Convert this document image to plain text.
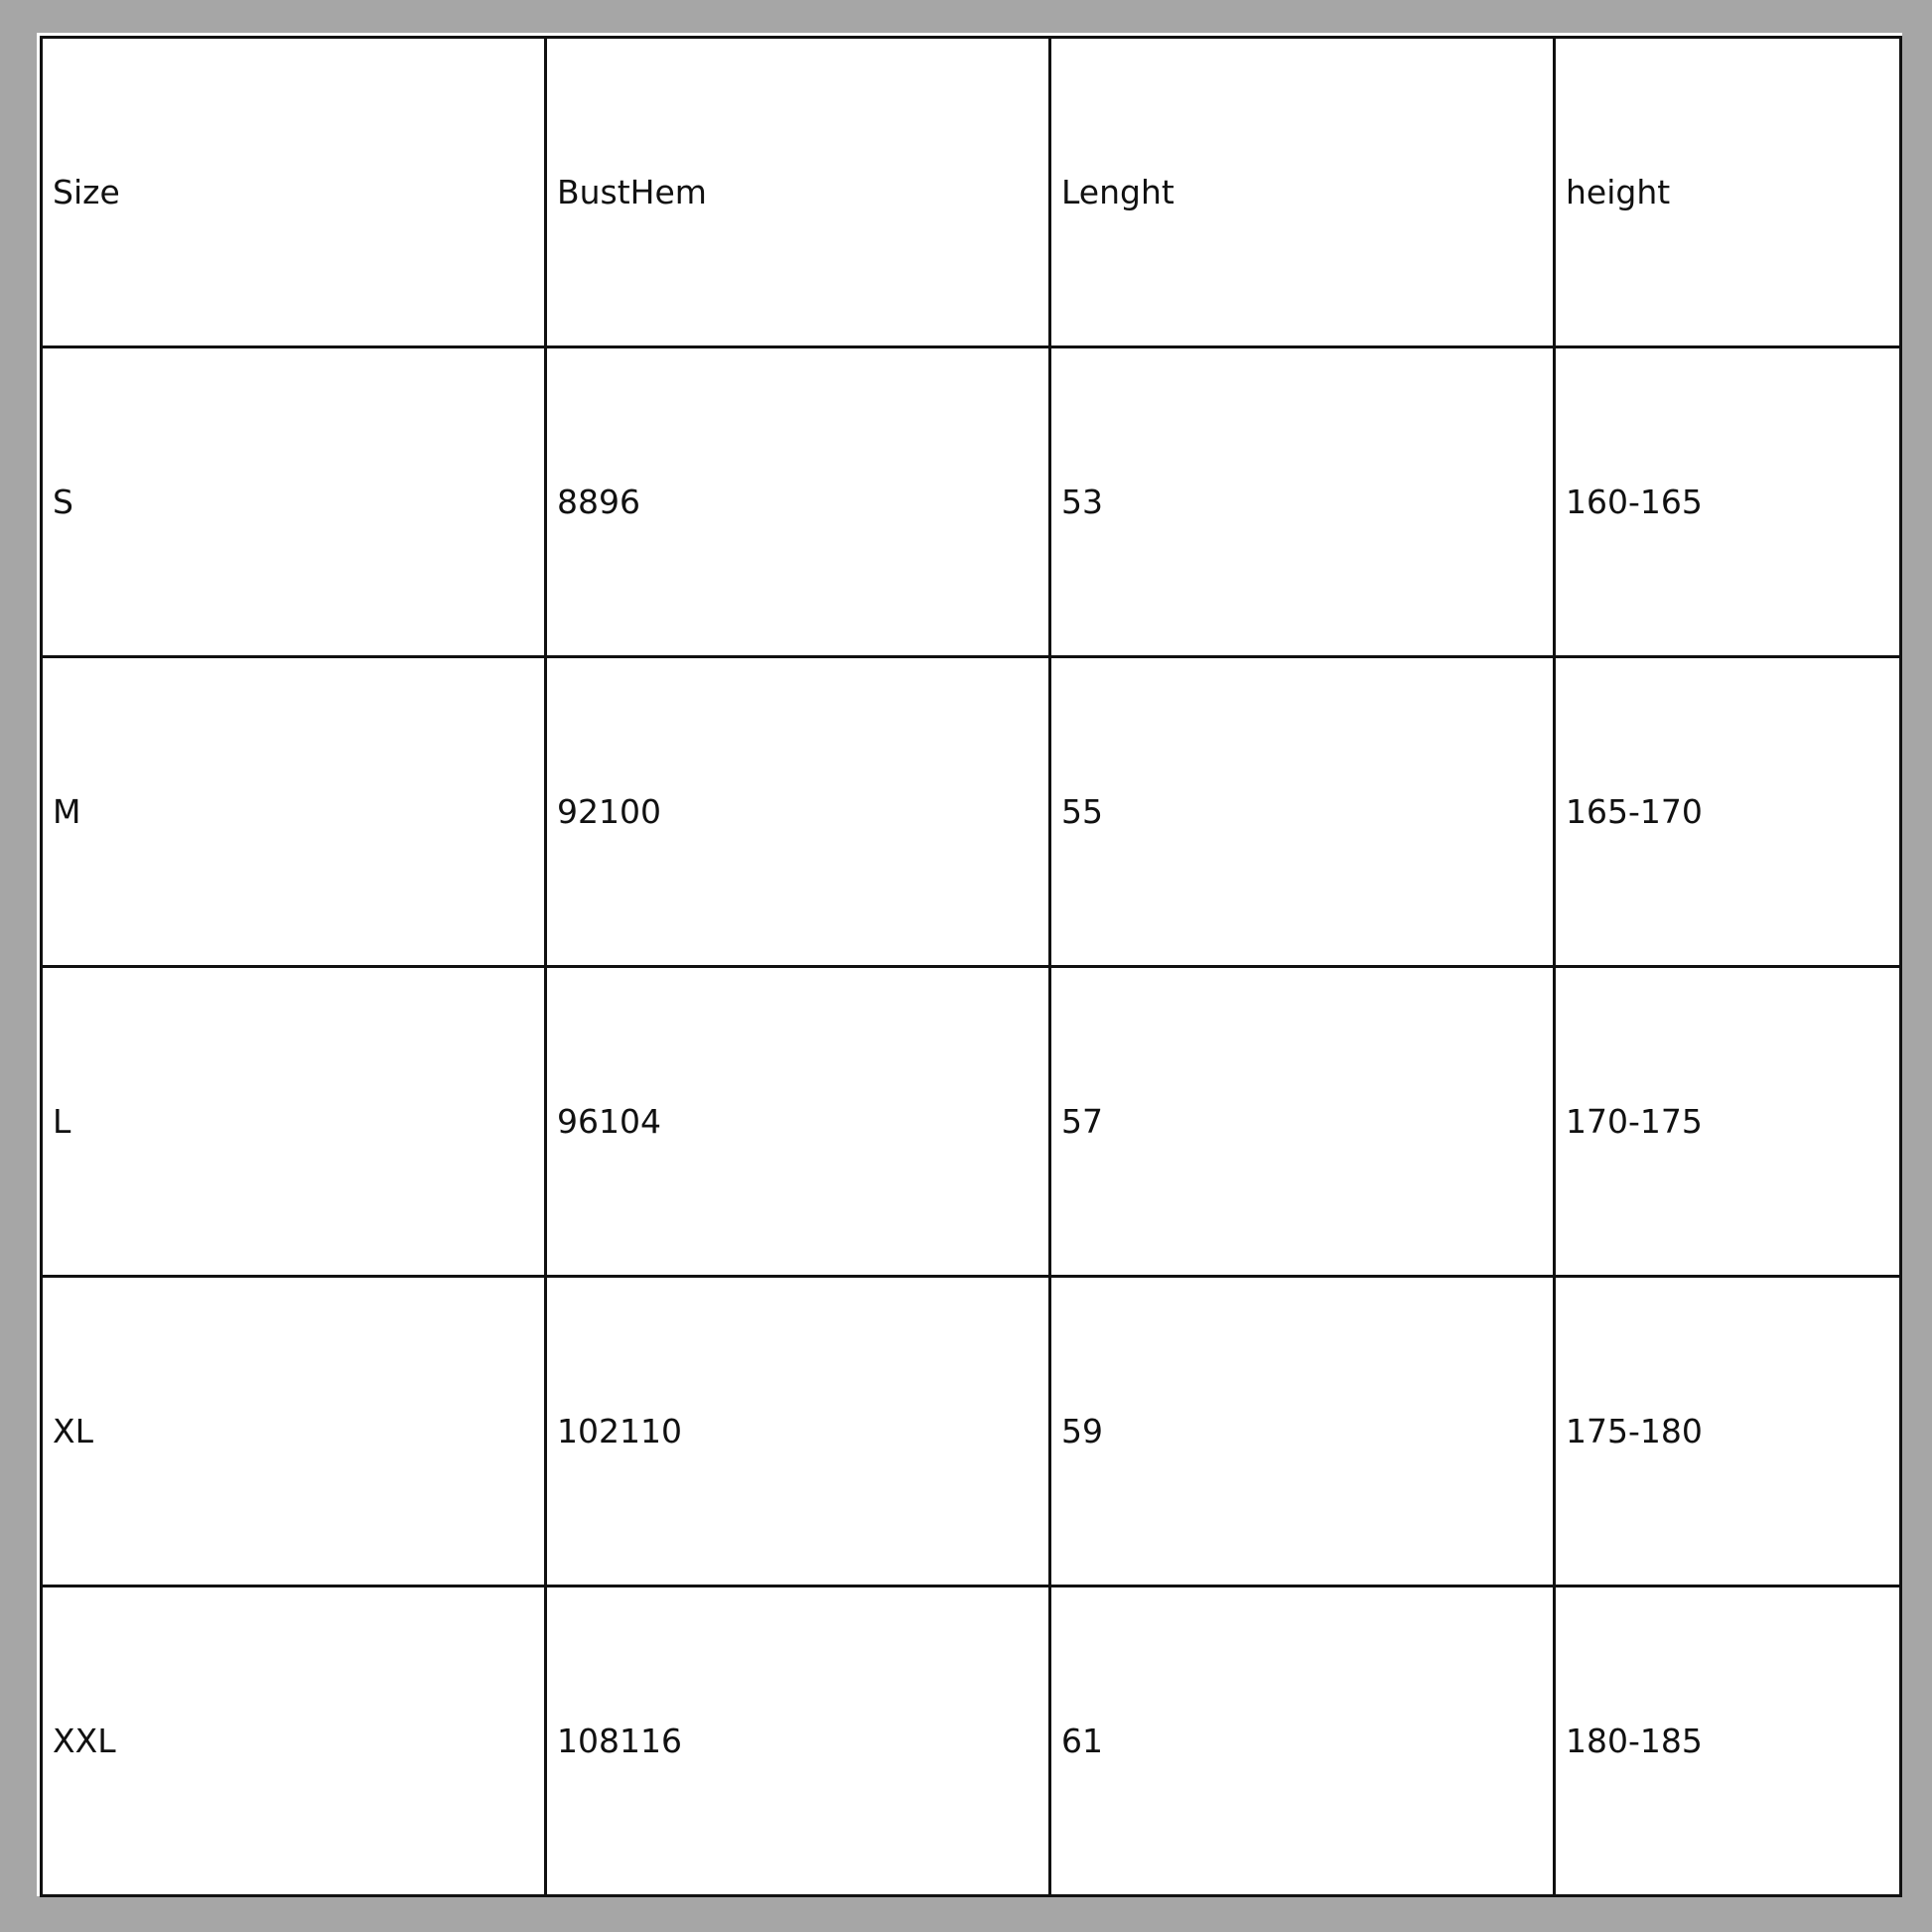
Size	BustHem	Lenght	height
S	8896	53	160-165
M	92100	55	165-170
L	96104	57	170-175
XL	102110	59	175-180
XXL	108116	61	180-185
